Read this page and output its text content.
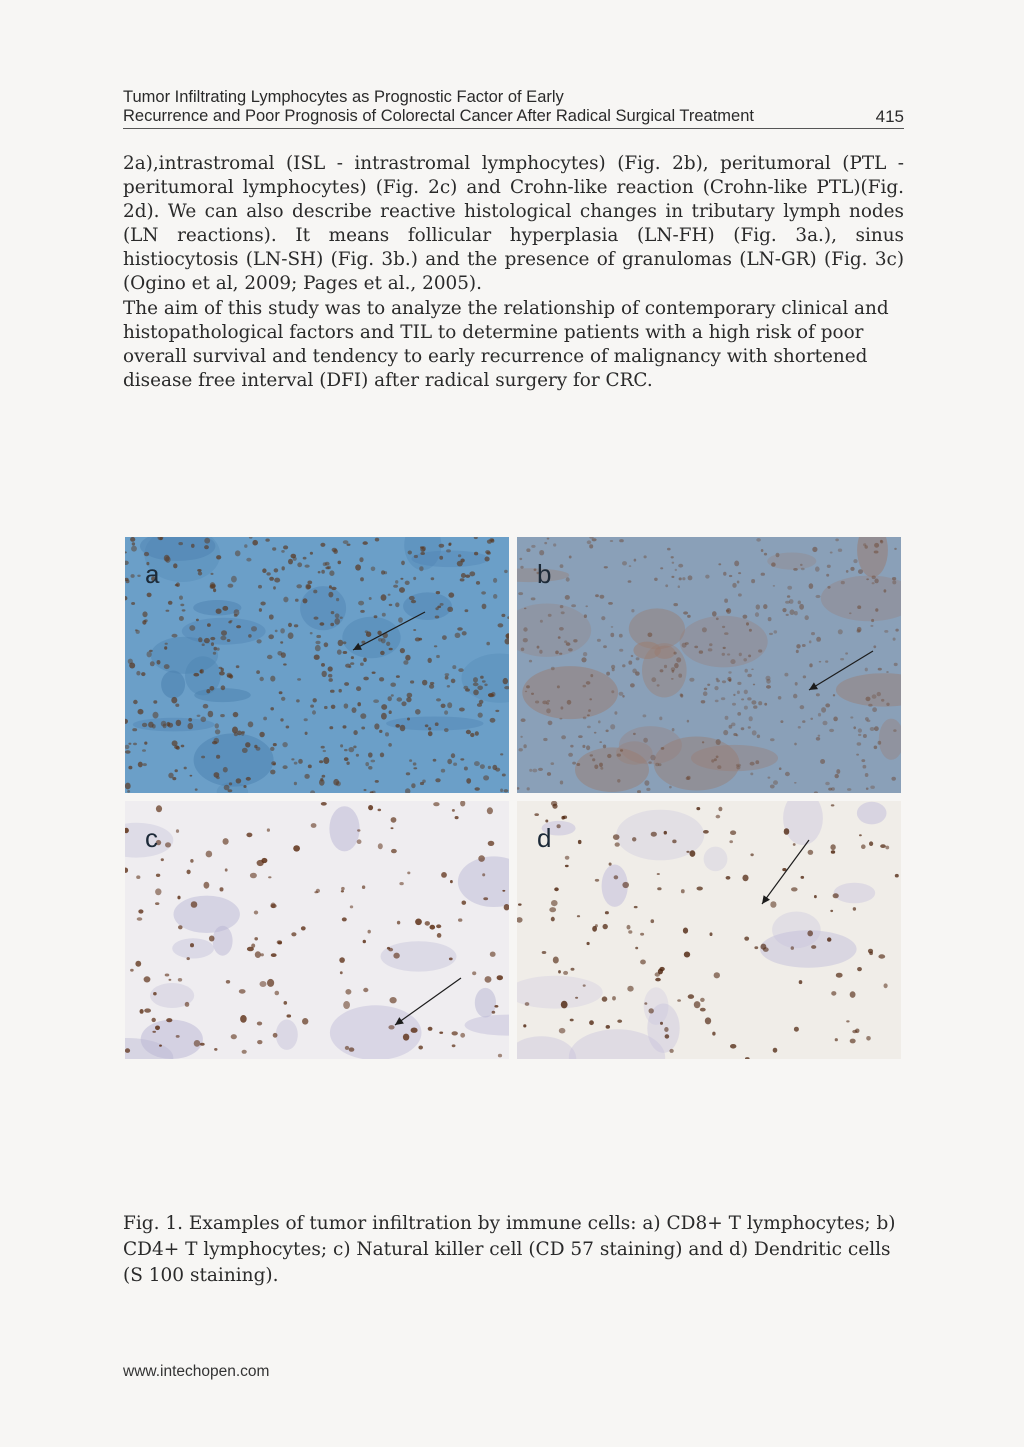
Tumor Infiltrating Lymphocytes as Prognostic Factor of Early
Recurrence and Poor Prognosis of Colorectal Cancer After Radical Surgical Treatment	415

2a),intrastromal (ISL - intrastromal lymphocytes) (Fig. 2b), peritumoral (PTL - peritumoral lymphocytes) (Fig. 2c) and Crohn-like reaction (Crohn-like PTL)(Fig. 2d). We can also describe reactive histological changes in tributary lymph nodes (LN reactions). It means follicular hyperplasia (LN-FH) (Fig. 3a.), sinus histiocytosis (LN-SH) (Fig. 3b.) and the presence of granulomas (LN-GR) (Fig. 3c) (Ogino et al, 2009; Pages et al., 2005).

The aim of this study was to analyze the relationship of contemporary clinical and histopathological factors and TIL to determine patients with a high risk of poor overall survival and tendency to early recurrence of malignancy with shortened disease free interval (DFI) after radical surgery for CRC.

a	b
c	d
Fig. 1. Examples of tumor infiltration by immune cells: a) CD8+ T lymphocytes; b) CD4+ T lymphocytes; c) Natural killer cell (CD 57 staining) and d) Dendritic cells (S 100 staining).
www.intechopen.com
